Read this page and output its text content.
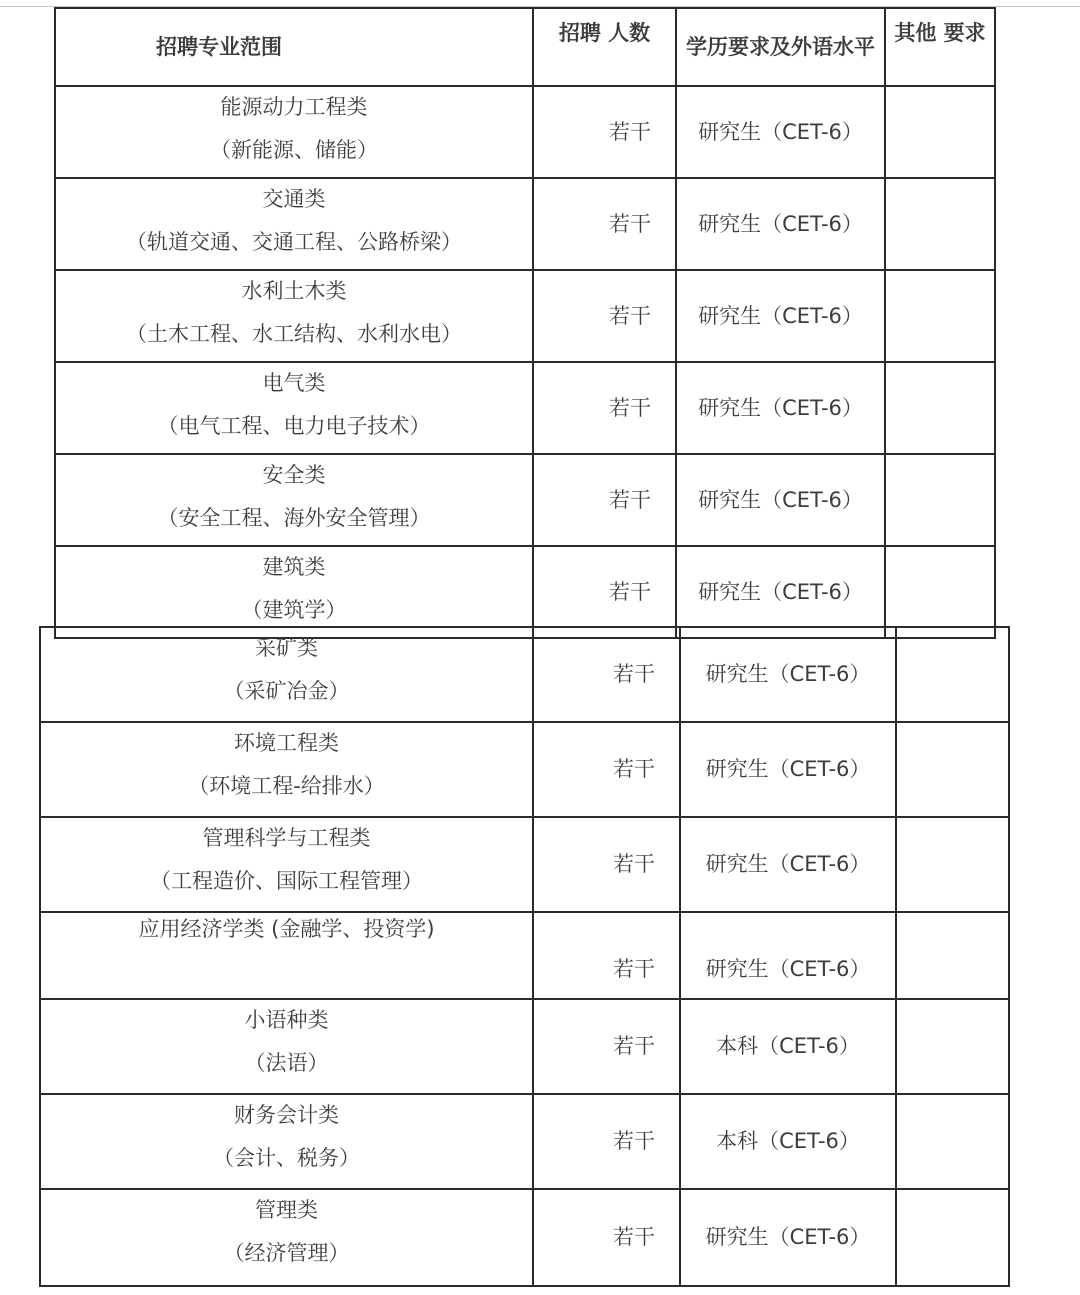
招聘专业范围	招聘 人数	学历要求及外语水平	其他 要求

能源动力工程类
（新能源、储能）	若干	研究生（CET-6）	

交通类
（轨道交通、交通工程、公路桥梁）	若干	研究生（CET-6）	

水利土木类
（土木工程、水工结构、水利水电）	若干	研究生（CET-6）	

电气类
（电气工程、电力电子技术）	若干	研究生（CET-6）	

安全类
（安全工程、海外安全管理）	若干	研究生（CET-6）	

建筑类
（建筑学）	若干	研究生（CET-6）	
采矿类
（采矿冶金）	若干	研究生（CET-6）	

环境工程类
（环境工程-给排水）	若干	研究生（CET-6）	

管理科学与工程类
（工程造价、国际工程管理）	若干	研究生（CET-6）	

应用经济学类 (金融学、投资学)	若干	研究生（CET-6）	

小语种类
（法语）	若干	本科（CET-6）	

财务会计类
（会计、税务）	若干	本科（CET-6）	

管理类
（经济管理）	若干	研究生（CET-6）	
